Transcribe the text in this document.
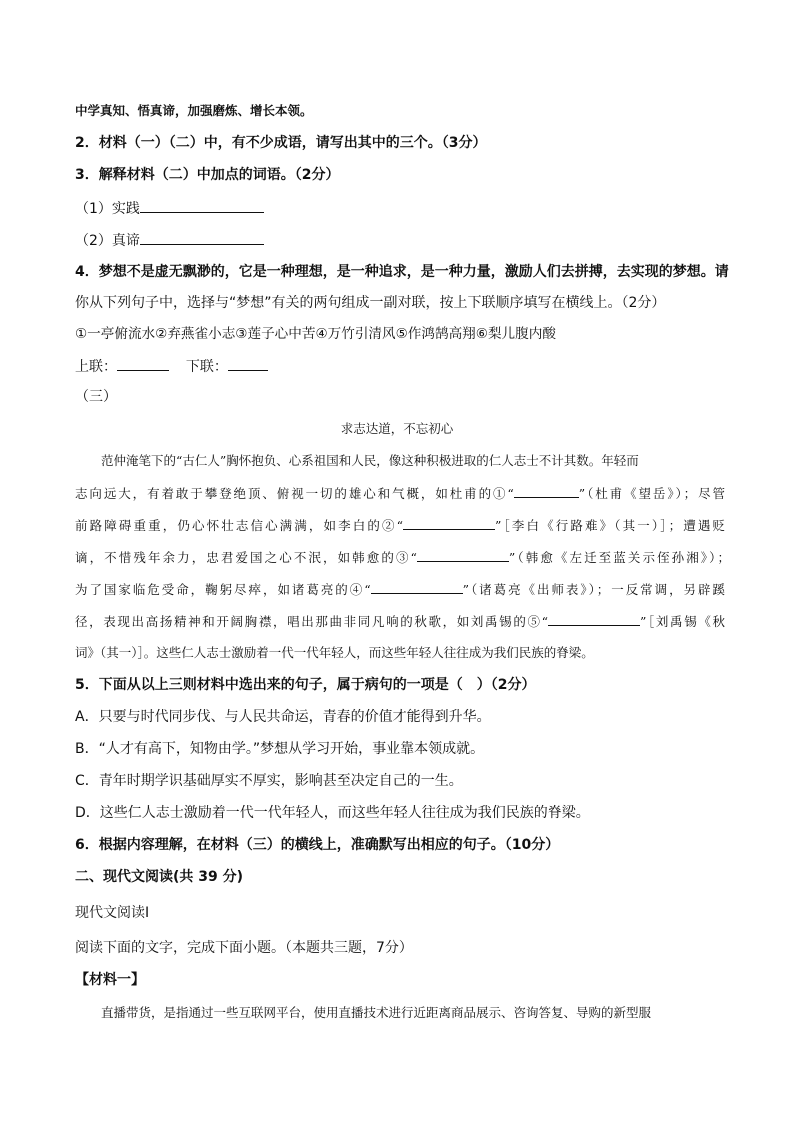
中学真知、悟真谛，加强磨炼、增长本领。
2．材料（一）（二）中，有不少成语，请写出其中的三个。（3分）
3．解释材料（二）中加点的词语。（2分）
（1）实践
（2）真谛
4．梦想不是虚无飘渺的，它是一种理想，是一种追求，是一种力量，激励人们去拼搏，去实现的梦想。请
你从下列句子中，选择与“梦想”有关的两句组成一副对联，按上下联顺序填写在横线上。（2分）
①一亭俯流水②弃燕雀小志③莲子心中苦④万竹引清风⑤作鸿鹄高翔⑥梨儿腹内酸
上联：	下联：
（三）
求志达道，不忘初心
范仲淹笔下的“古仁人”胸怀抱负、心系祖国和人民，像这种积极进取的仁人志士不计其数。年轻而
志向远大，有着敢于攀登绝顶、俯视一切的雄心和气概，如杜甫的①“	”（杜甫《望岳》）；尽管
前路障碍重重，仍心怀壮志信心满满，如李白的②“	”［李白《行路难》（其一）］；遭遇贬
谪，不惜残年余力，忠君爱国之心不泯，如韩愈的③“	”（韩愈《左迁至蓝关示侄孙湘》）；
为了国家临危受命，鞠躬尽瘁，如诸葛亮的④“	”（诸葛亮《出师表》）；一反常调，另辟蹊
径，表现出高扬精神和开阔胸襟，唱出那曲非同凡响的秋歌，如刘禹锡的⑤“	”［刘禹锡《秋
词》（其一）］。这些仁人志士激励着一代一代年轻人，而这些年轻人往往成为我们民族的脊梁。
5．下面从以上三则材料中选出来的句子，属于病句的一项是（　）（2分）
A．只要与时代同步伐、与人民共命运，青春的价值才能得到升华。
B．“人才有高下，知物由学。”梦想从学习开始，事业靠本领成就。
C．青年时期学识基础厚实不厚实，影响甚至决定自己的一生。
D．这些仁人志士激励着一代一代年轻人，而这些年轻人往往成为我们民族的脊梁。
6．根据内容理解，在材料（三）的横线上，准确默写出相应的句子。（10分）
二、现代文阅读(共 39 分)
现代文阅读Ⅰ
阅读下面的文字，完成下面小题。（本题共三题，7分）
【材料一】
直播带货，是指通过一些互联网平台，使用直播技术进行近距离商品展示、咨询答复、导购的新型服
